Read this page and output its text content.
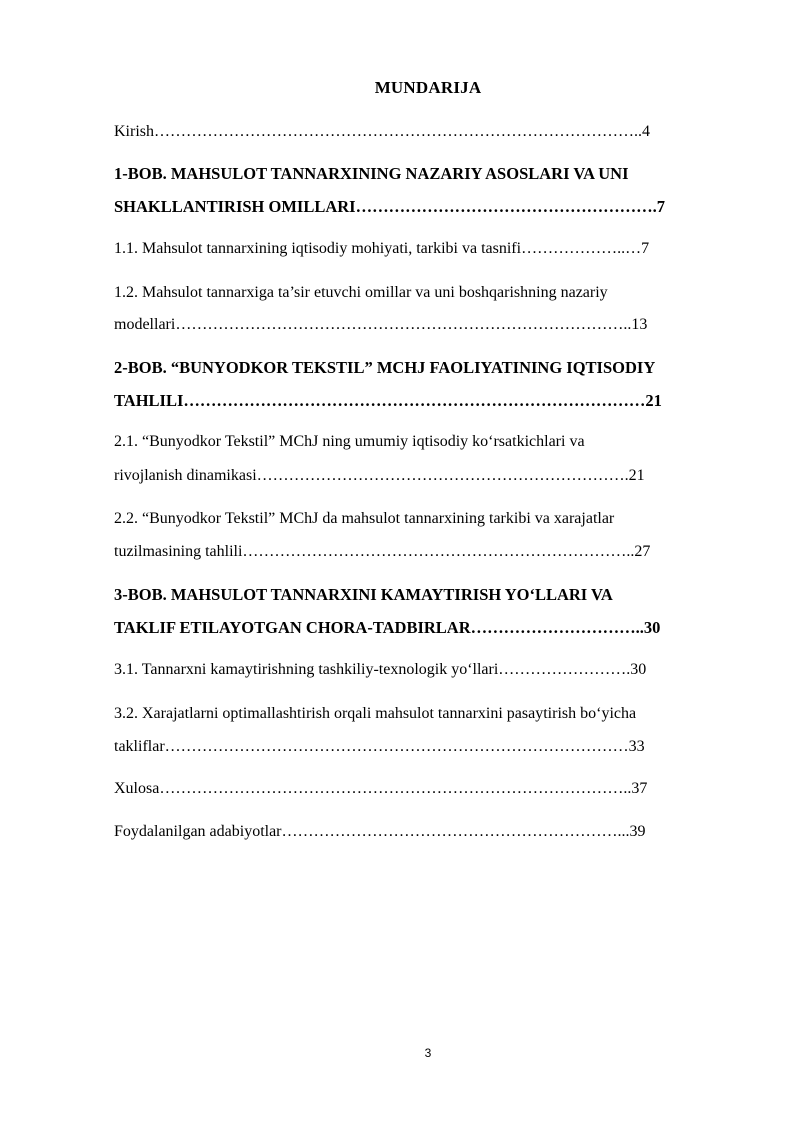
MUNDARIJA
Kirish………………………………………………………………………………..4
1-BOB. MAHSULOT TANNARXINING NAZARIY ASOSLARI VA UNI
SHAKLLANTIRISH OMILLARI……………………………………………….7
1.1. Mahsulot tannarxining iqtisodiy mohiyati, tarkibi va tasnifi………………..…7
1.2. Mahsulot tannarxiga ta’sir etuvchi omillar va uni boshqarishning nazariy
modellari…………………………………………………………………………..13
2-BOB. “BUNYODKOR TEKSTIL” MCHJ FAOLIYATINING IQTISODIY
TAHLILI…………………………………………………………………………21
2.1. “Bunyodkor Tekstil” MChJ ning umumiy iqtisodiy ko‘rsatkichlari va
rivojlanish dinamikasi…………………………………………………………….21
2.2. “Bunyodkor Tekstil” MChJ da mahsulot tannarxining tarkibi va xarajatlar
tuzilmasining tahlili………………………………………………………………..27
3-BOB. MAHSULOT TANNARXINI KAMAYTIRISH YO‘LLARI VA
TAKLIF ETILAYOTGAN CHORA-TADBIRLAR…………………………..30
3.1. Tannarxni kamaytirishning tashkiliy-texnologik yo‘llari…………………….30
3.2. Xarajatlarni optimallashtirish orqali mahsulot tannarxini pasaytirish bo‘yicha
takliflar……………………………………………………………………………33
Xulosa……………………………………………………………………………..37
Foydalanilgan adabiyotlar………………………………………………………...39
3
